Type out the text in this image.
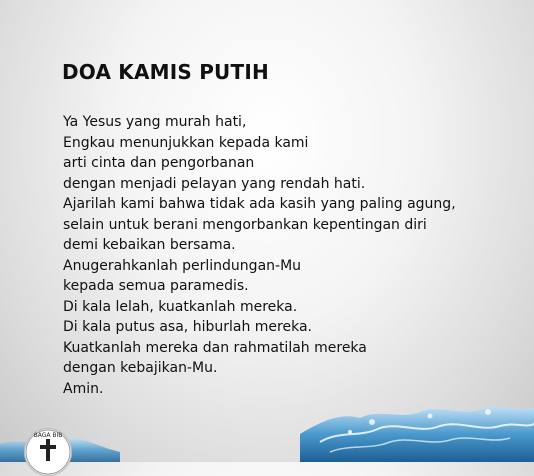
DOA KAMIS PUTIH
Ya Yesus yang murah hati,
Engkau menunjukkan kepada kami
arti cinta dan pengorbanan
dengan menjadi pelayan yang rendah hati.
Ajarilah kami bahwa tidak ada kasih yang paling agung,
selain untuk berani mengorbankan kepentingan diri
demi kebaikan bersama.
Anugerahkanlah perlindungan-Mu
kepada semua paramedis.
Di kala lelah, kuatkanlah mereka.
Di kala putus asa, hiburlah mereka.
Kuatkanlah mereka dan rahmatilah mereka
dengan kebajikan-Mu.
Amin.
BAGA BIB
